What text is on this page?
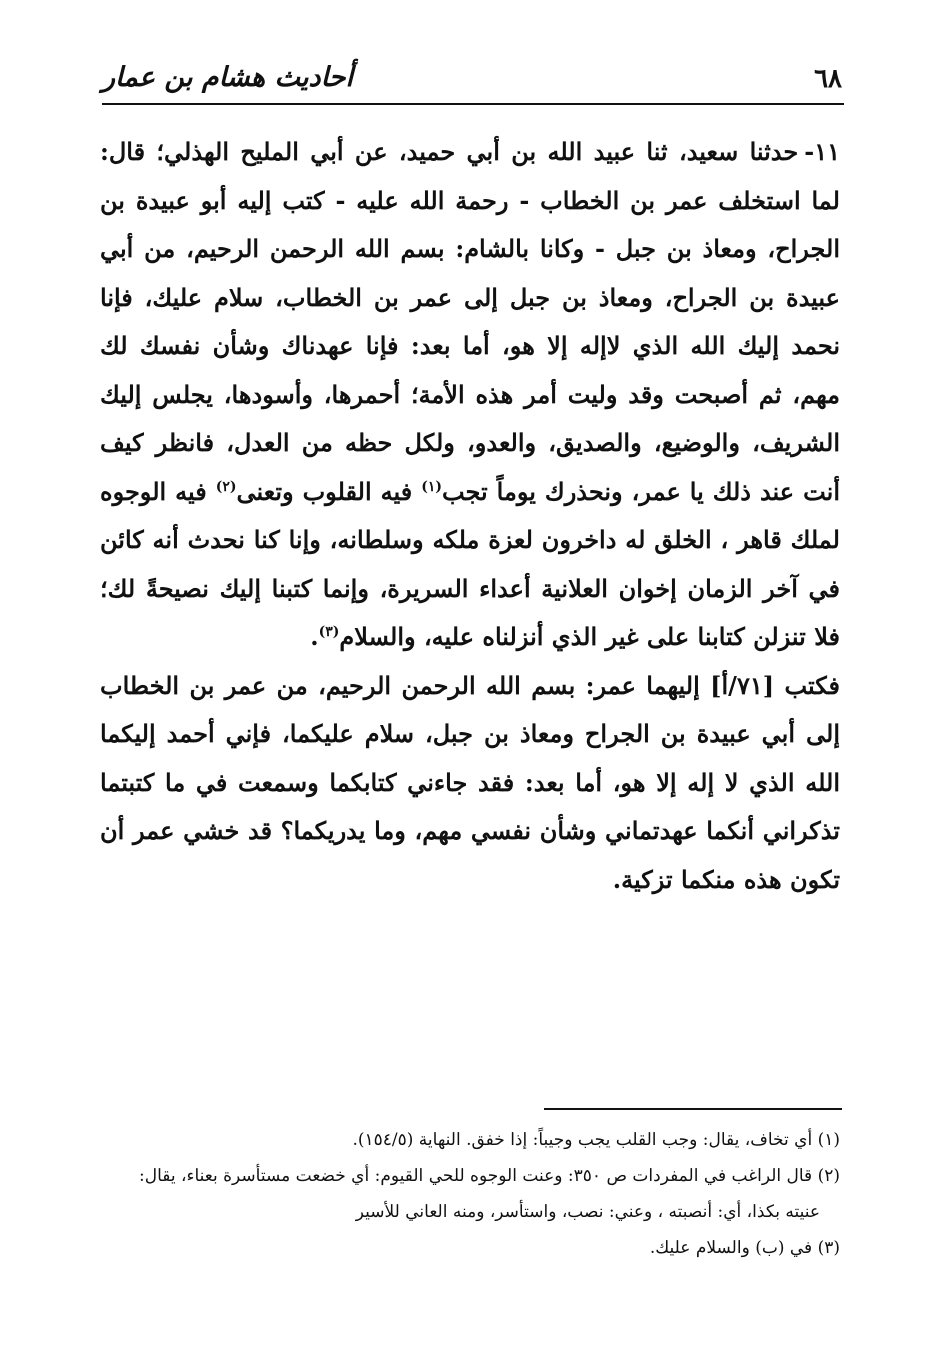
٦٨
أحاديث هشام بن عمار

١١-حدثنا سعيد، ثنا عبيد الله بن أبي حميد، عن أبي المليح الهذلي؛ قال: لما استخلف عمر بن الخطاب - رحمة الله عليه - كتب إليه أبو عبيدة بن الجراح، ومعاذ بن جبل - وكانا بالشام: بسم الله الرحمن الرحيم، من أبي عبيدة بن الجراح، ومعاذ بن جبل إلى عمر بن الخطاب، سلام عليك، فإنا نحمد إليك الله الذي لاإله إلا هو، أما بعد: فإنا عهدناك وشأن نفسك لك مهم، ثم أصبحت وقد وليت أمر هذه الأمة؛ أحمرها، وأسودها، يجلس إليك الشريف، والوضيع، والصديق، والعدو، ولكل حظه من العدل، فانظر كيف أنت عند ذلك يا عمر، ونحذرك يوماً تجب$^{(١)}$ فيه القلوب وتعنى$^{(٢)}$ فيه الوجوه لملك قاهر ، الخلق له داخرون لعزة ملكه وسلطانه، وإنا كنا نحدث أنه كائن في آخر الزمان إخوان العلانية أعداء السريرة، وإنما كتبنا إليك نصيحةً لك؛ فلا تنزلن كتابنا على غير الذي أنزلناه عليه، والسلام$^{(٣)}$.

فكتب [٧١/أ] إليهما عمر: بسم الله الرحمن الرحيم، من عمر بن الخطاب إلى أبي عبيدة بن الجراح ومعاذ بن جبل، سلام عليكما، فإني أحمد إليكما الله الذي لا إله إلا هو، أما بعد: فقد جاءني كتابكما وسمعت في ما كتبتما تذكراني أنكما عهدتماني وشأن نفسي مهم، وما يدريكما؟ قد خشي عمر أن تكون هذه منكما تزكية.

(١) أي تخاف، يقال: وجب القلب يجب وجيباً: إذا خفق. النهاية (١٥٤/٥).

(٢) قال الراغب في المفردات ص ٣٥٠: وعنت الوجوه للحي القيوم: أي خضعت مستأسرة بعناء، يقال:

عنيته بكذا، أي: أنصبته ، وعني: نصب، واستأسر، ومنه العاني للأسير

(٣) في (ب) والسلام عليك.
